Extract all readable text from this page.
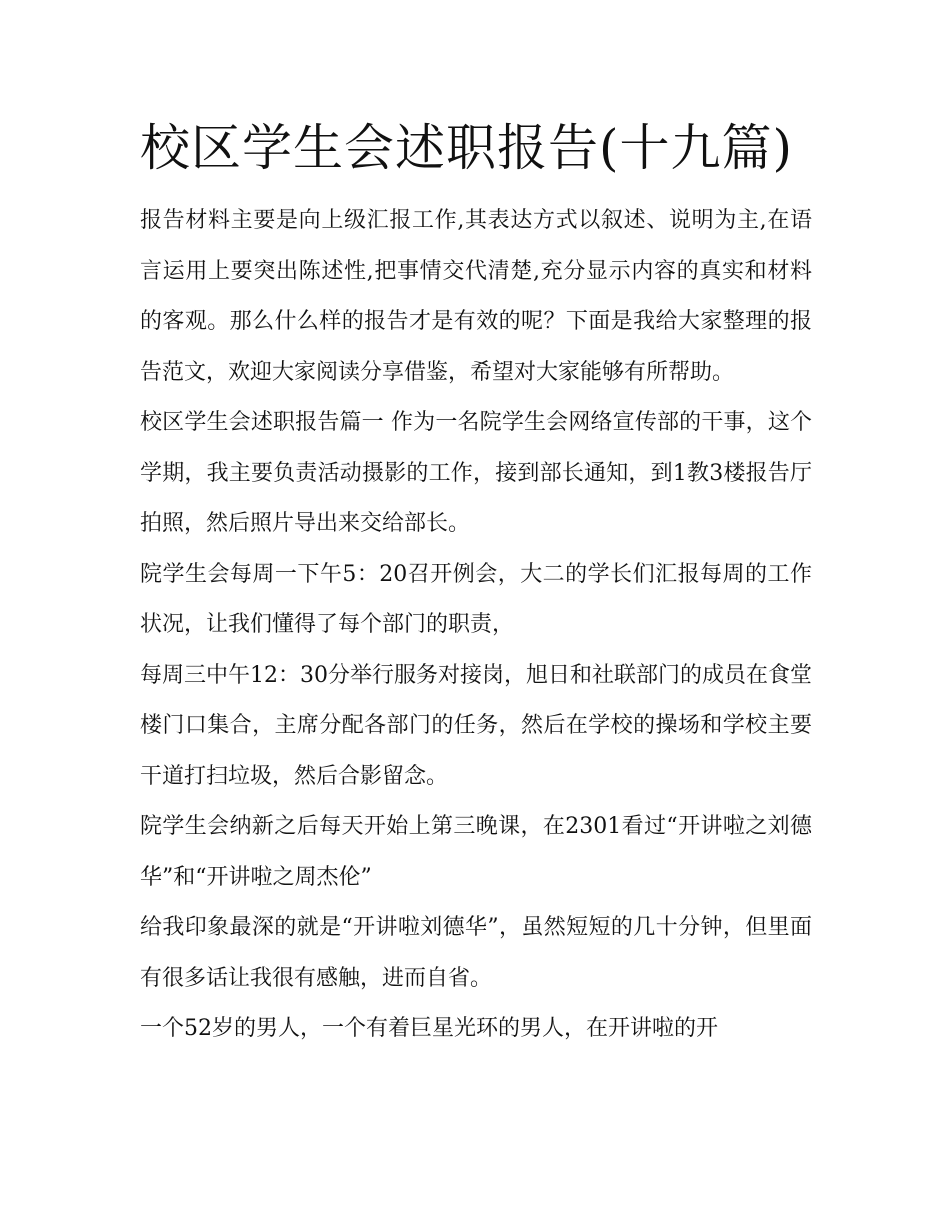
校区学生会述职报告(十九篇)

报告材料主要是向上级汇报工作,其表达方式以叙述、说明为主,在语言运用上要突出陈述性,把事情交代清楚,充分显示内容的真实和材料的客观。那么什么样的报告才是有效的呢？下面是我给大家整理的报告范文，欢迎大家阅读分享借鉴，希望对大家能够有所帮助。

校区学生会述职报告篇一 作为一名院学生会网络宣传部的干事，这个学期，我主要负责活动摄影的工作，接到部长通知，到1教3楼报告厅拍照，然后照片导出来交给部长。

院学生会每周一下午5：20召开例会，大二的学长们汇报每周的工作状况，让我们懂得了每个部门的职责，

每周三中午12：30分举行服务对接岗，旭日和社联部门的成员在食堂楼门口集合，主席分配各部门的任务，然后在学校的操场和学校主要干道打扫垃圾，然后合影留念。

院学生会纳新之后每天开始上第三晚课，在2301看过“开讲啦之刘德华”和“开讲啦之周杰伦”

给我印象最深的就是“开讲啦刘德华”，虽然短短的几十分钟，但里面有很多话让我很有感触，进而自省。

一个52岁的男人，一个有着巨星光环的男人，在开讲啦的开
